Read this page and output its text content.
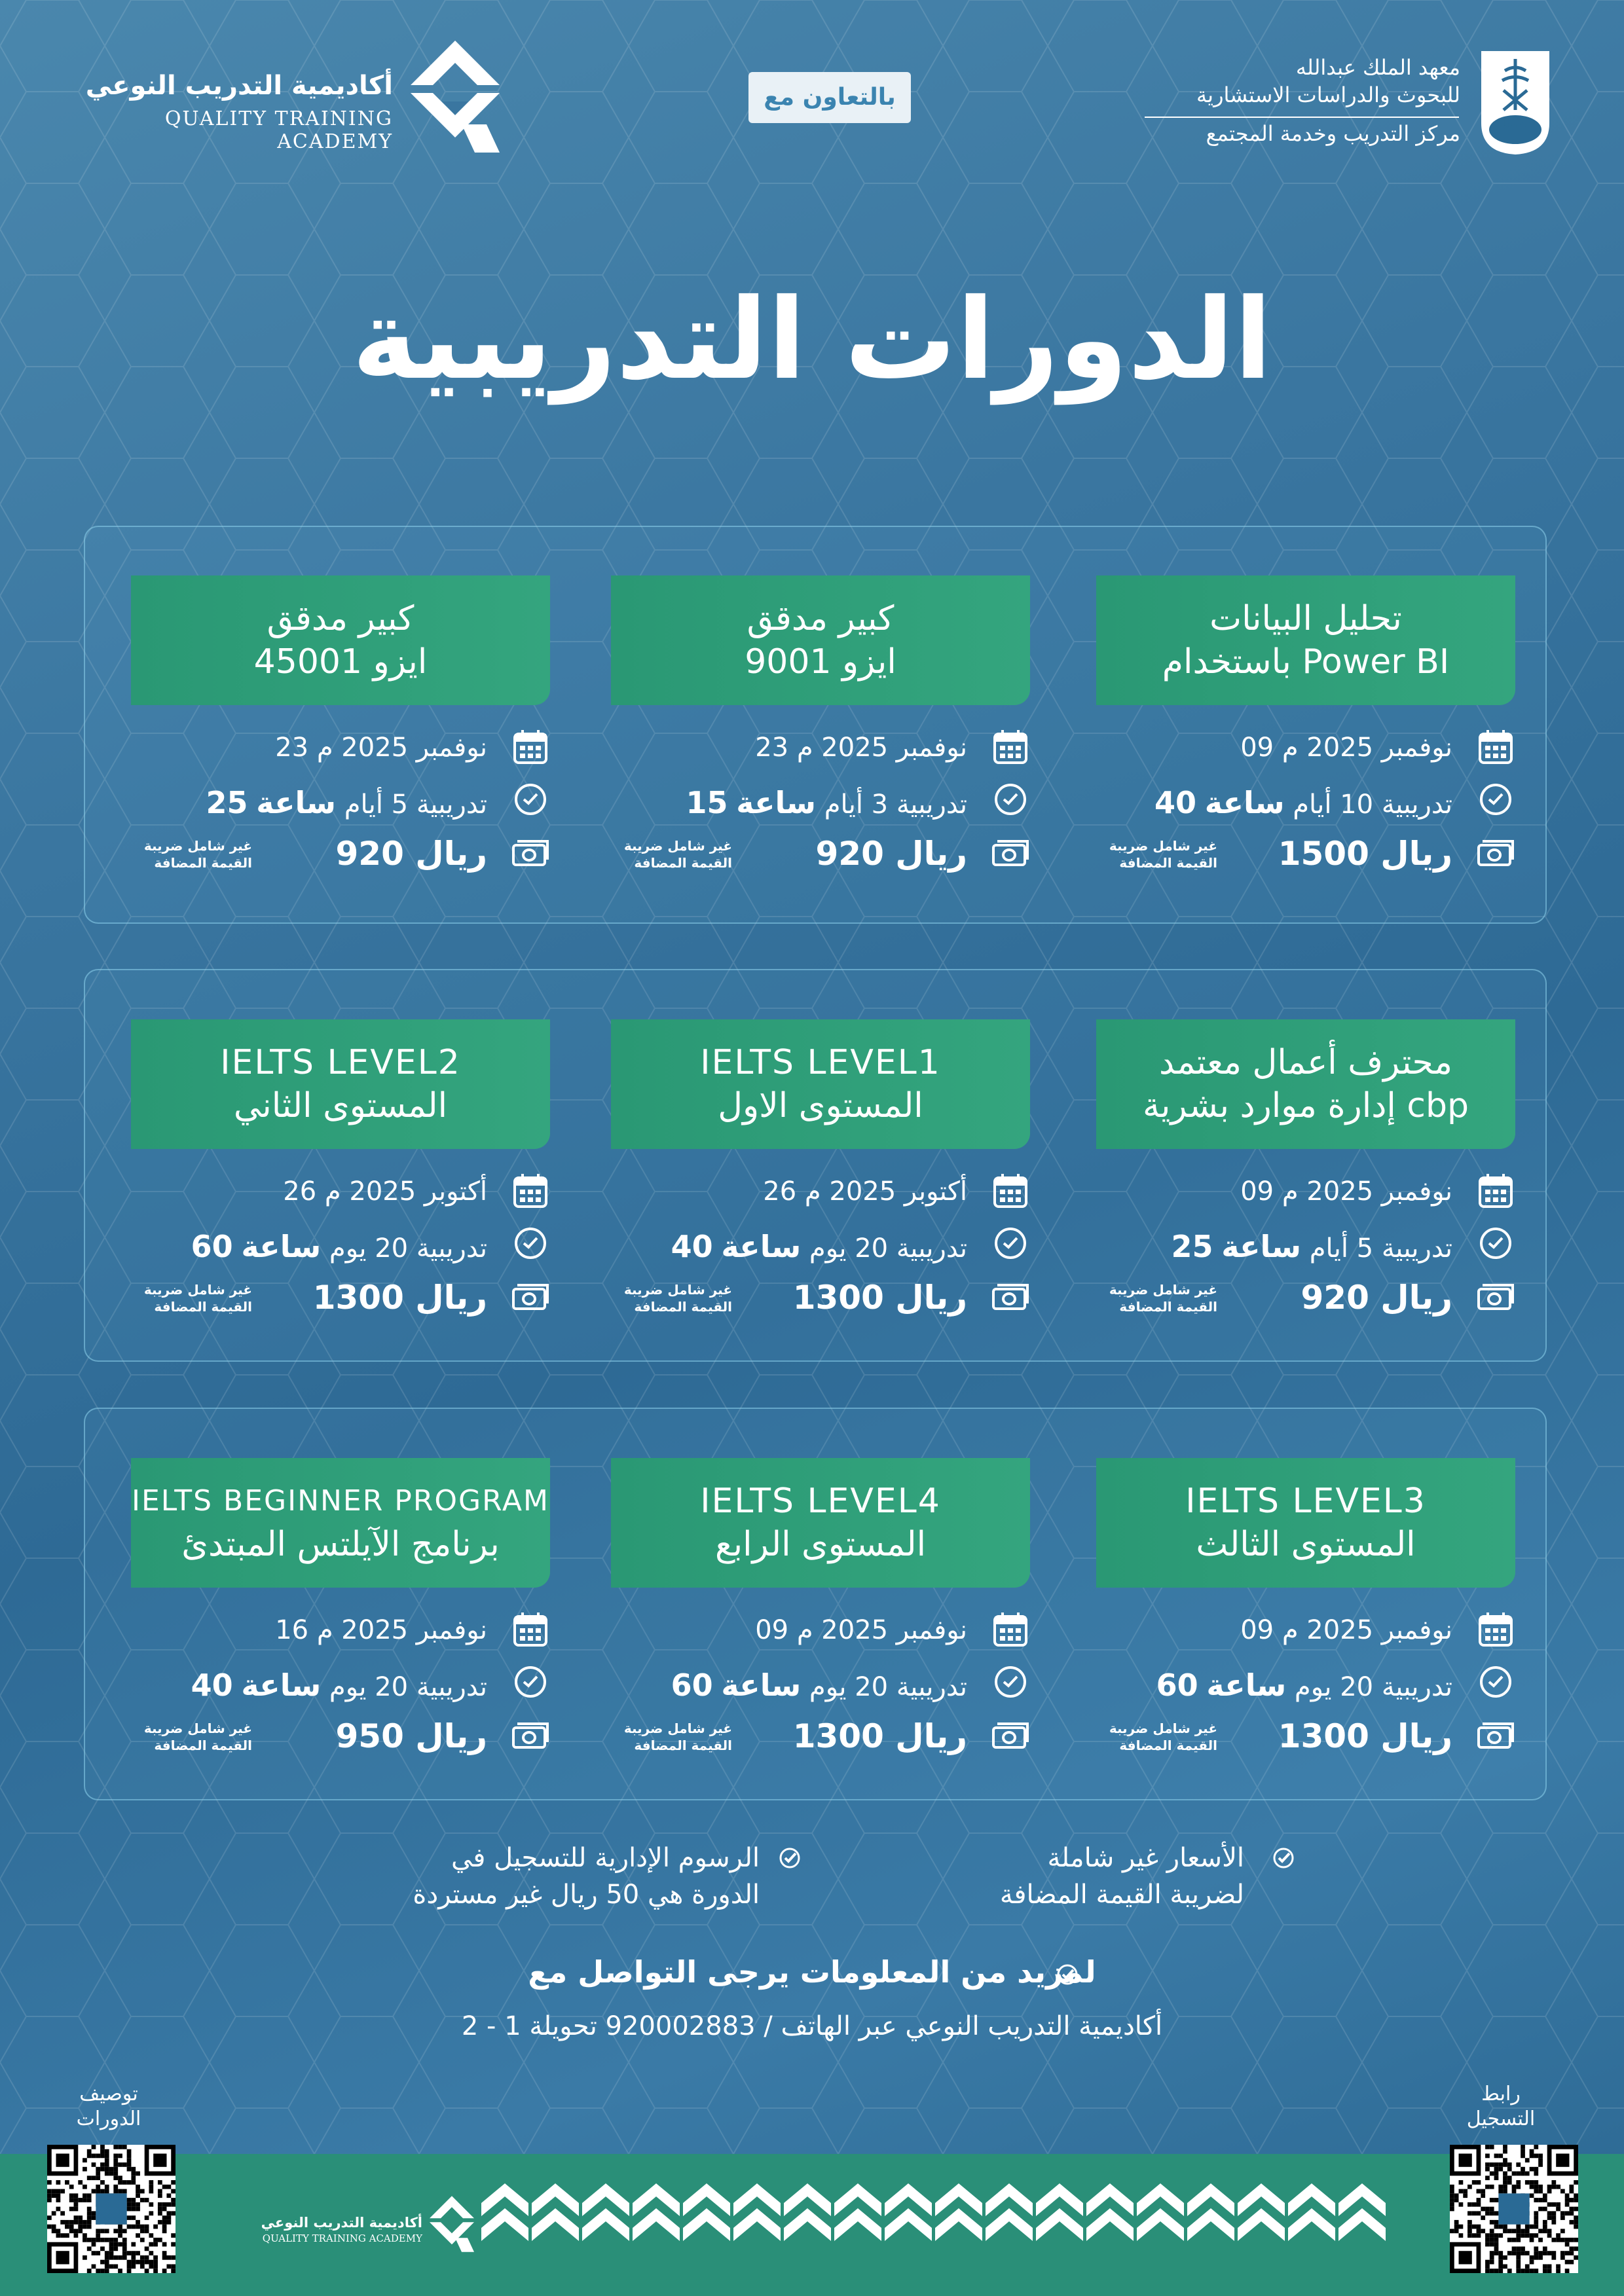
أكاديمية التدريب النوعي
QUALITY TRAINING ACADEMY
بالتعاون مع
معهد الملك عبدالله
للبحوث والدراسات الاستشارية
مركز التدريب وخدمة المجتمع	1957
الدورات التدريبية
تحليل البيانات
باستخدام Power BI
09 نوفمبر 2025 م
تدريبية 10 أيام ساعة 40
1500 ريال
غير شامل ضريبة
القيمة المضافة
كبير مدقق
ايزو 9001
23 نوفمبر 2025 م
تدريبية 3 أيام ساعة 15
920 ريال
غير شامل ضريبة
القيمة المضافة
كبير مدقق
ايزو 45001
23 نوفمبر 2025 م
تدريبية 5 أيام ساعة 25
920 ريال
غير شامل ضريبة
القيمة المضافة
محترف أعمال معتمد
إدارة موارد بشرية cbp
09 نوفمبر 2025 م
تدريبية 5 أيام ساعة 25
920 ريال
غير شامل ضريبة
القيمة المضافة
IELTS LEVEL1
المستوى الاول
26 أكتوبر 2025 م
تدريبية 20 يوم ساعة 40
1300 ريال
غير شامل ضريبة
القيمة المضافة
IELTS LEVEL2
المستوى الثاني
26 أكتوبر 2025 م
تدريبية 20 يوم ساعة 60
1300 ريال
غير شامل ضريبة
القيمة المضافة
IELTS LEVEL3
المستوى الثالث
09 نوفمبر 2025 م
تدريبية 20 يوم ساعة 60
1300 ريال
غير شامل ضريبة
القيمة المضافة
IELTS LEVEL4
المستوى الرابع
09 نوفمبر 2025 م
تدريبية 20 يوم ساعة 60
1300 ريال
غير شامل ضريبة
القيمة المضافة
IELTS BEGINNER PROGRAM
برنامج الآيلتس المبتدئ
16 نوفمبر 2025 م
تدريبية 20 يوم ساعة 40
950 ريال
غير شامل ضريبة
القيمة المضافة
الأسعار غير شاملة
لضريبة القيمة المضافة
الرسوم الإدارية للتسجيل في
الدورة هي 50 ريال غير مستردة
لمزيد من المعلومات يرجى التواصل مع
أكاديمية التدريب النوعي عبر الهاتف / 920002883 تحويلة 1 - 2
رابط
التسجيل
توصيف
الدورات
أكاديمية التدريب النوعي
QUALITY TRAINING ACADEMY
